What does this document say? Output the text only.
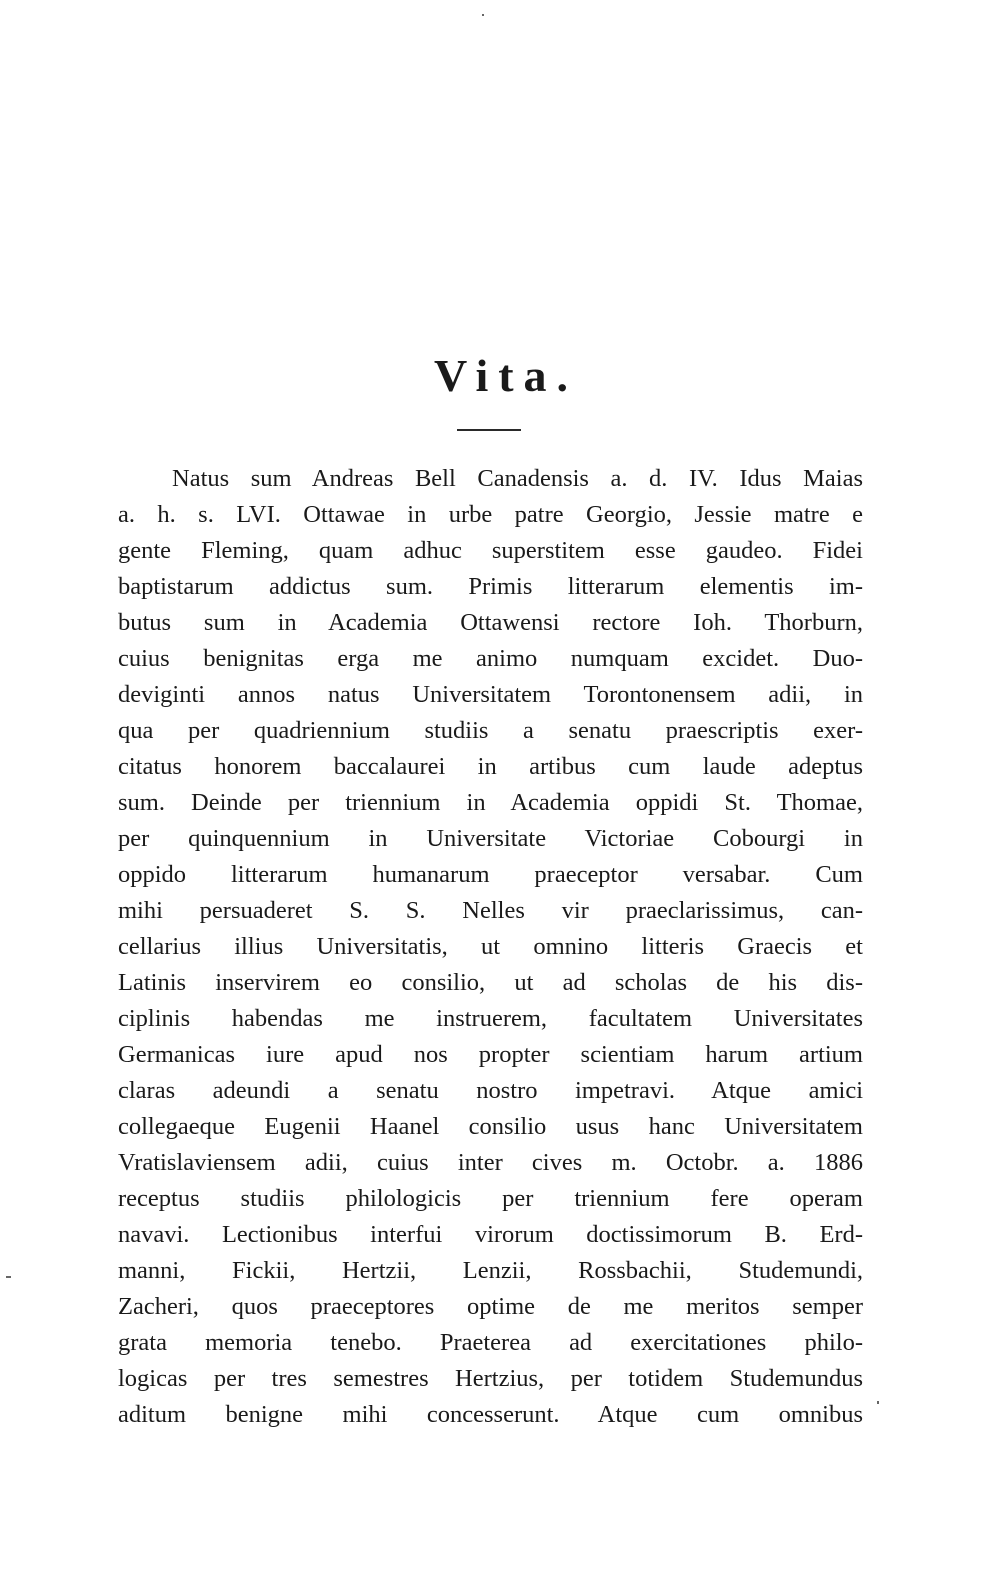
Vita.
Natus sum Andreas Bell Canadensis a. d. IV. Idus Maias
a. h. s. LVI. Ottawae in urbe patre Georgio, Jessie matre e
gente Fleming, quam adhuc superstitem esse gaudeo. Fidei
baptistarum addictus sum. Primis litterarum elementis im-
butus sum in Academia Ottawensi rectore Ioh. Thorburn,
cuius benignitas erga me animo numquam excidet. Duo-
deviginti annos natus Universitatem Torontonensem adii, in
qua per quadriennium studiis a senatu praescriptis exer-
citatus honorem baccalaurei in artibus cum laude adeptus
sum. Deinde per triennium in Academia oppidi St. Thomae,
per quinquennium in Universitate Victoriae Cobourgi in
oppido litterarum humanarum praeceptor versabar. Cum
mihi persuaderet S. S. Nelles vir praeclarissimus, can-
cellarius illius Universitatis, ut omnino litteris Graecis et
Latinis inservirem eo consilio, ut ad scholas de his dis-
ciplinis habendas me instruerem, facultatem Universitates
Germanicas iure apud nos propter scientiam harum artium
claras adeundi a senatu nostro impetravi. Atque amici
collegaeque Eugenii Haanel consilio usus hanc Universitatem
Vratislaviensem adii, cuius inter cives m. Octobr. a. 1886
receptus studiis philologicis per triennium fere operam
navavi. Lectionibus interfui virorum doctissimorum B. Erd-
manni, Fickii, Hertzii, Lenzii, Rossbachii, Studemundi,
Zacheri, quos praeceptores optime de me meritos semper
grata memoria tenebo. Praeterea ad exercitationes philo-
logicas per tres semestres Hertzius, per totidem Studemundus
aditum benigne mihi concesserunt. Atque cum omnibus
